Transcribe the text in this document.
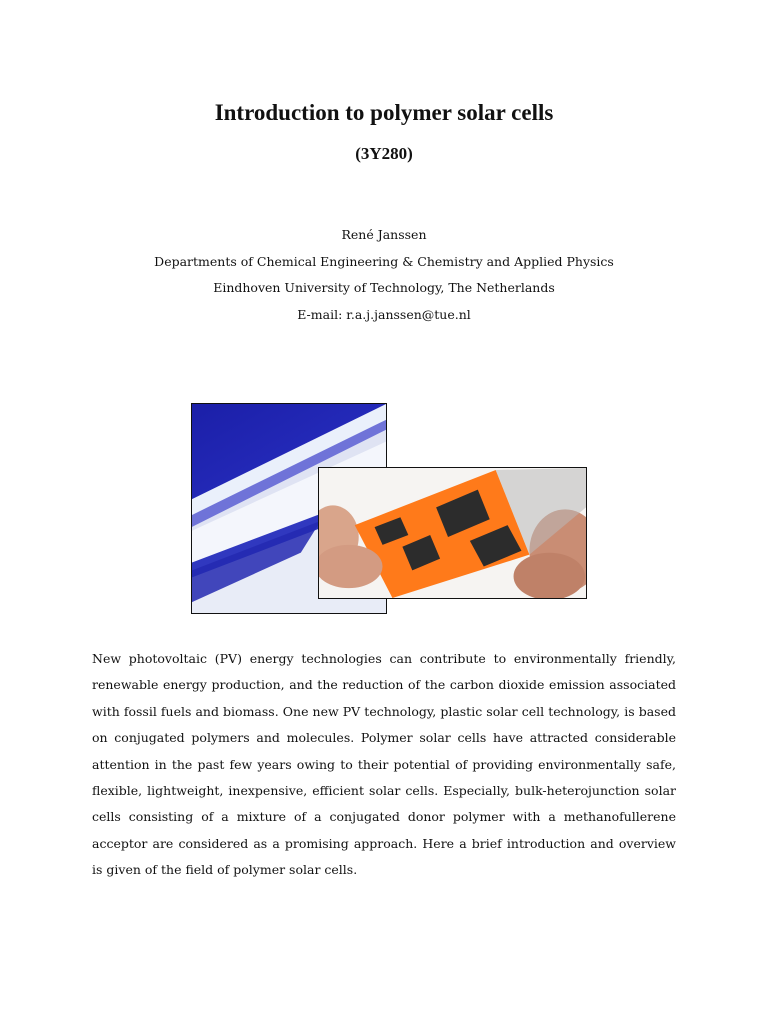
Introduction to polymer solar cells
(3Y280)
René Janssen
Departments of Chemical Engineering & Chemistry and Applied Physics
Eindhoven University of Technology, The Netherlands
E-mail: r.a.j.janssen@tue.nl

New photovoltaic (PV) energy technologies can contribute to environmentally friendly, renewable energy production, and the reduction of the carbon dioxide emission associated with fossil fuels and biomass. One new PV technology, plastic solar cell technology, is based on conjugated polymers and molecules. Polymer solar cells have attracted considerable attention in the past few years owing to their potential of providing environmentally safe, flexible, lightweight, inexpensive, efficient solar cells. Especially, bulk-heterojunction solar cells consisting of a mixture of a conjugated donor polymer with a methanofullerene acceptor are considered as a promising approach. Here a brief introduction and overview is given of the field of polymer solar cells.
